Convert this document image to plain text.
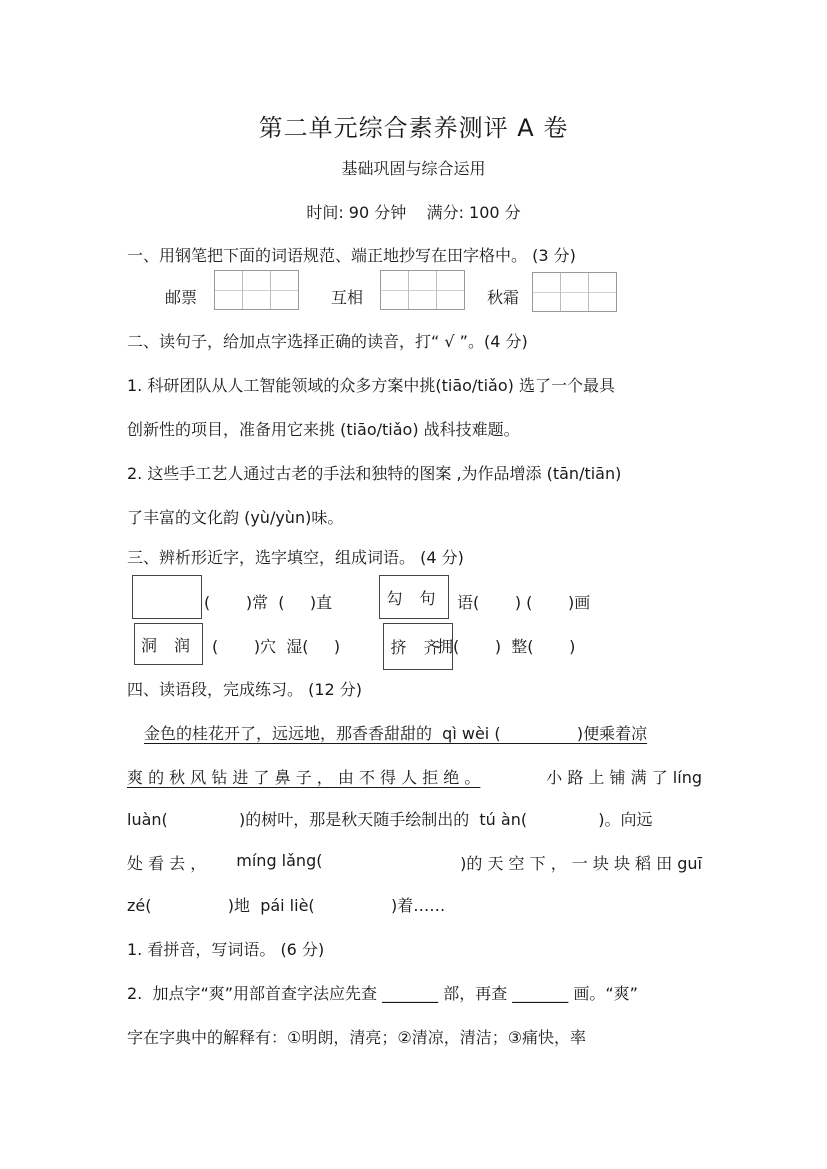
第二单元综合素养测评 A 卷
基础巩固与综合运用
时间: 90 分钟    满分: 100 分
一、用钢笔把下面的词语规范、端正地抄写在田字格中。 (3 分)
邮票	互相	秋霜
二、读句子，给加点字选择正确的读音，打“ √ ”。(4 分)
1. 科研团队从人工智能领域的众多方案中挑(tiāo/tiǎo) 选了一个最具
创新性的项目，准备用它来挑 (tiāo/tiǎo) 战科技难题。
2. 这些手工艺人通过古老的手法和独特的图案 ,为作品增添 (tān/tiān)
了丰富的文化韵 (yù/yùn)味。
三、辨析形近字，选字填空，组成词语。 (4 分)
(       )常  (     )直	勾 句 语(       ) (       )画
洞 润 (       )穴  湿(     )	挤 齐
拥(       )  整(       )
四、读语段，完成练习。 (12 分)
金色的桂花开了，远远地，那香香甜甜的  qì wèi (               )便乘着凉
爽 的 秋 风 钻 进 了 鼻 子 ， 由 不 得 人 拒 绝 。	小 路 上 铺 满 了 líng
luàn(              )的树叶，那是秋天随手绘制出的  tú àn(              )。向远
处 看 去 ， míng lǎng(	)的 天 空 下 ， 一 块 块 稻 田 guī
zé(               )地  pái liè(               )着……
1. 看拼音，写词语。 (6 分)
2.  加点字“爽”用部首查字法应先查 _______ 部，再查 _______ 画。“爽”
字在字典中的解释有：①明朗，清亮；②清凉，清洁；③痛快，率
